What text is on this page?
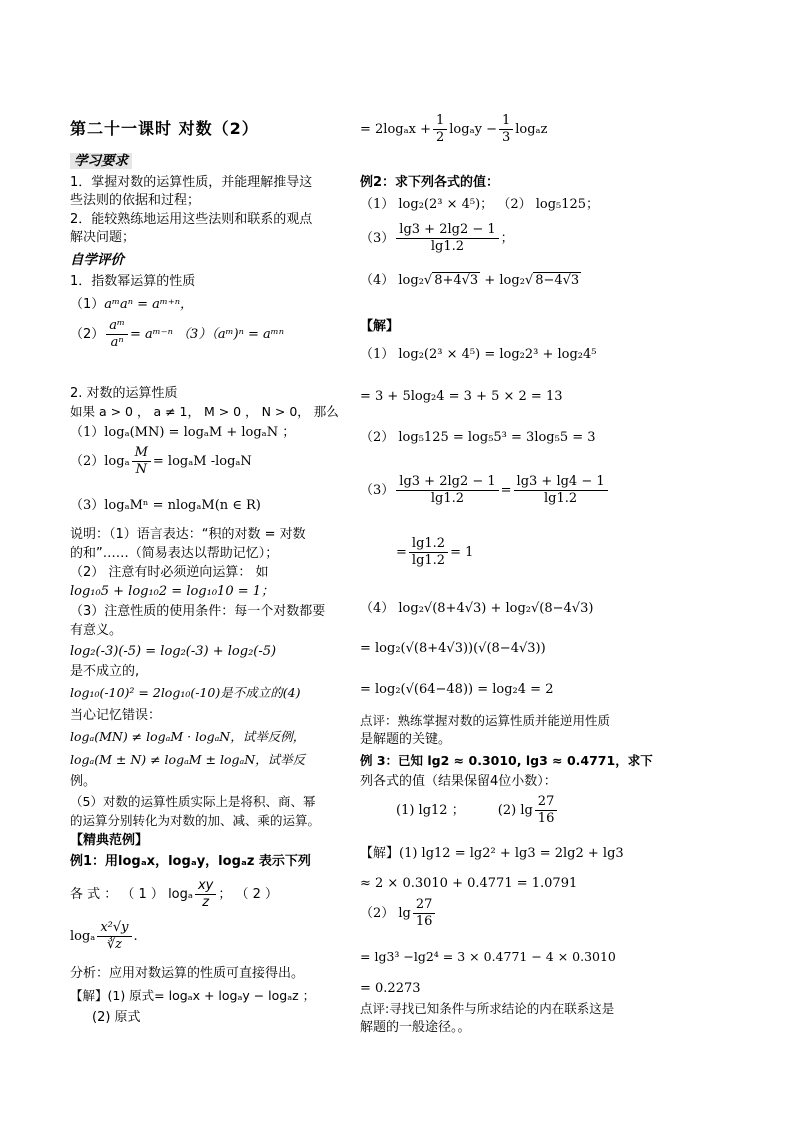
第二十一课时 对数（2）
学习要求
1．掌握对数的运算性质，并能理解推导这
些法则的依据和过程；
2．能较熟练地运用这些法则和联系的观点
解决问题；
自学评价
1．指数幂运算的性质
（1）aᵐaⁿ = aᵐ⁺ⁿ，
$(2) \frac{\text{aᵐ}}{\text{aⁿ}}$ = aᵐ⁻ⁿ （3）（aᵐ)ⁿ = aᵐⁿ
2. 对数的运算性质
如果 a > 0 ， a ≠ 1， M > 0 ， N > 0， 那么
（1）logₐ(MN) = logₐM + logₐN ；
$(2)\log_a \frac{M}{N} = \log_aM$ -logₐN
（3）logₐMⁿ = nlogₐM(n ∈ R)
说明：（1）语言表达：“积的对数 = 对数
的和”……（简易表达以帮助记忆）；
（2） 注意有时必须逆向运算： 如
log₁₀5 + log₁₀2 = log₁₀10 = 1；
（3）注意性质的使用条件：每一个对数都要
有意义。
log₂(-3)(-5) = log₂(-3) + log₂(-5)
是不成立的,
log₁₀(-10)² = 2log₁₀(-10)是不成立的(4)
当心记忆错误：
logₐ(MN) ≠ logₐM · logₐN，试举反例，
logₐ(M ± N) ≠ logₐM ± logₐN，试举反
例。
（5）对数的运算性质实际上是将积、商、幂
的运算分别转化为对数的加、减、乘的运算。
【精典范例】
例1：用logₐx，logₐy，logₐz 表示下列
各 式 ： （ 1 ） logₐ $\frac{xy}{z}$ ； （ 2 ）
logₐ $\frac{\text{x²√y}}{∛z}$ .
分析：应用对数运算的性质可直接得出。
【解】(1) 原式= logₐx + logₐy − logₐz ；
(2) 原式
= $2\log_ax + \frac{1}{2}$ $\log_ay - \frac{1}{3}$ logₐz
例2：求下列各式的值：
（1） log₂(2³ × 4⁵)； （2） log₅125；
$(3) \frac{\lg 3 + 2\lg 2 - 1}{\lg 1.2}$ ；
（4） log₂√ 8+4√3 + log₂√ 8−4√3
【解】
（1） log₂(2³ × 4⁵) = log₂2³ + log₂4⁵
= 3 + 5log₂4 = 3 + 5 × 2 = 13
（2） log₅125 = log₅5³ = 3log₅5 = 3
$(3) \frac{\lg 3 + 2\lg 2 - 1}{\lg 1.2} = \frac{\lg 3 + \lg 4 - 1}{\lg 1.2}$
= $\frac{\lg 1.2}{\lg 1.2} = 1$
（4） log₂√(8+4√3) + log₂√(8−4√3)
= log₂(√(8+4√3))(√(8−4√3))
= log₂(√(64−48)) = log₂4 = 2
点评：熟练掌握对数的运算性质并能逆用性质
是解题的关键。
例 3：已知 lg2 ≈ 0.3010, lg3 ≈ 0.4771，求下
列各式的值（结果保留4位小数）：
(1) lg12 ；	(2) $\lg \frac{27}{16}$
【解】(1) lg12 = lg2² + lg3 = 2lg2 + lg3
≈ 2 × 0.3010 + 0.4771 = 1.0791
（2） $\lg \frac{27}{16}$
= lg3³ −lg2⁴ = 3 × 0.4771 − 4 × 0.3010
= 0.2273
点评:寻找已知条件与所求结论的内在联系这是
解题的一般途径。。
